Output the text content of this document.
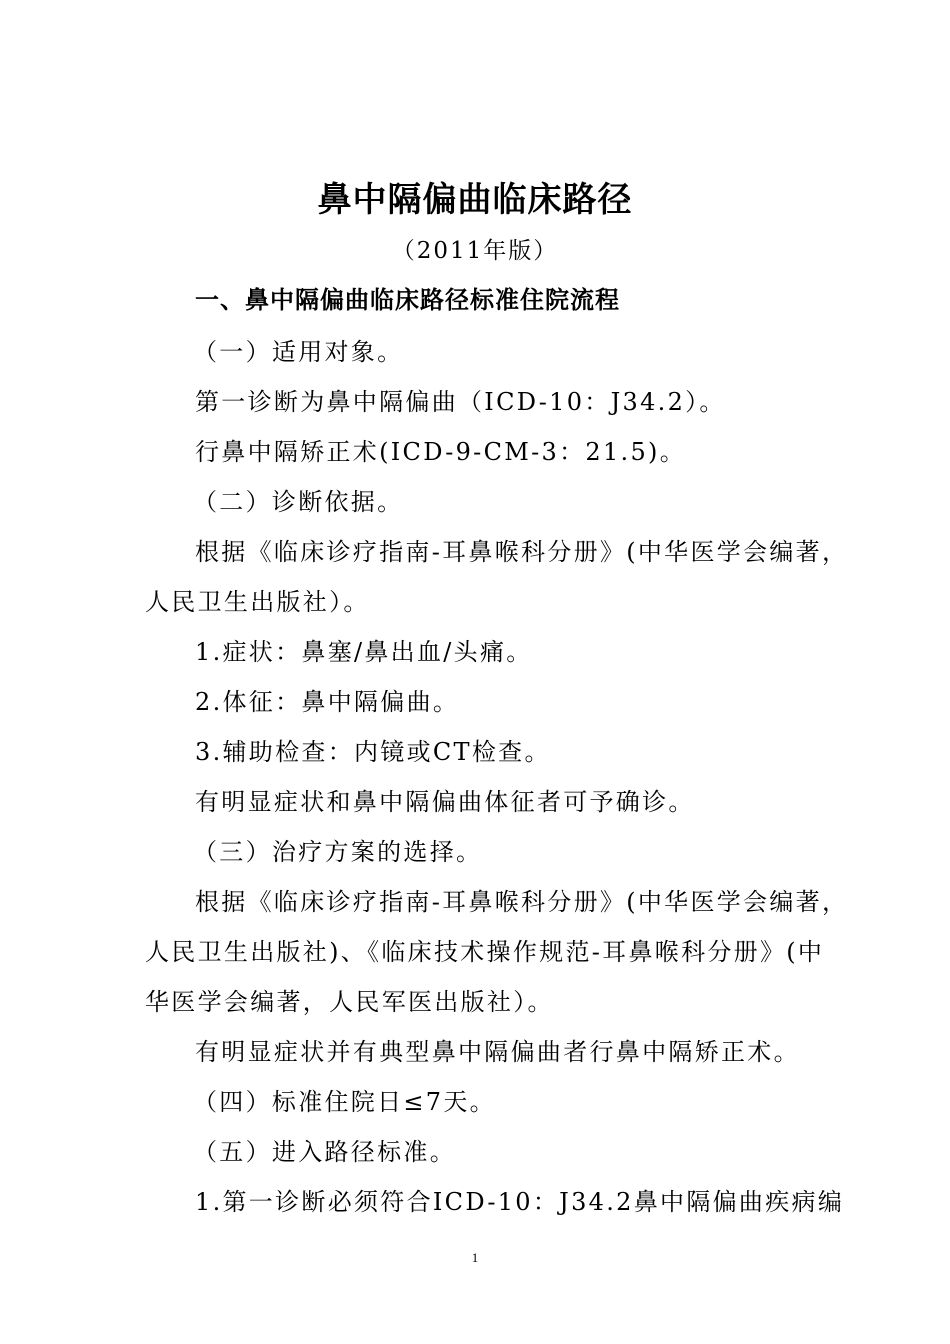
鼻中隔偏曲临床路径
（2011年版）
一、鼻中隔偏曲临床路径标准住院流程
（一）适用对象。
第一诊断为鼻中隔偏曲（ICD-10：J34.2）。
行鼻中隔矫正术(ICD-9-CM-3：21.5)。
（二）诊断依据。
根据《临床诊疗指南-耳鼻喉科分册》(中华医学会编著，
人民卫生出版社）。
1.症状：鼻塞/鼻出血/头痛。
2.体征：鼻中隔偏曲。
3.辅助检查：内镜或CT检查。
有明显症状和鼻中隔偏曲体征者可予确诊。
（三）治疗方案的选择。
根据《临床诊疗指南-耳鼻喉科分册》(中华医学会编著，
人民卫生出版社)、《临床技术操作规范-耳鼻喉科分册》(中
华医学会编著，人民军医出版社）。
有明显症状并有典型鼻中隔偏曲者行鼻中隔矫正术。
（四）标准住院日≤7天。
（五）进入路径标准。
1.第一诊断必须符合ICD-10：J34.2鼻中隔偏曲疾病编
1
